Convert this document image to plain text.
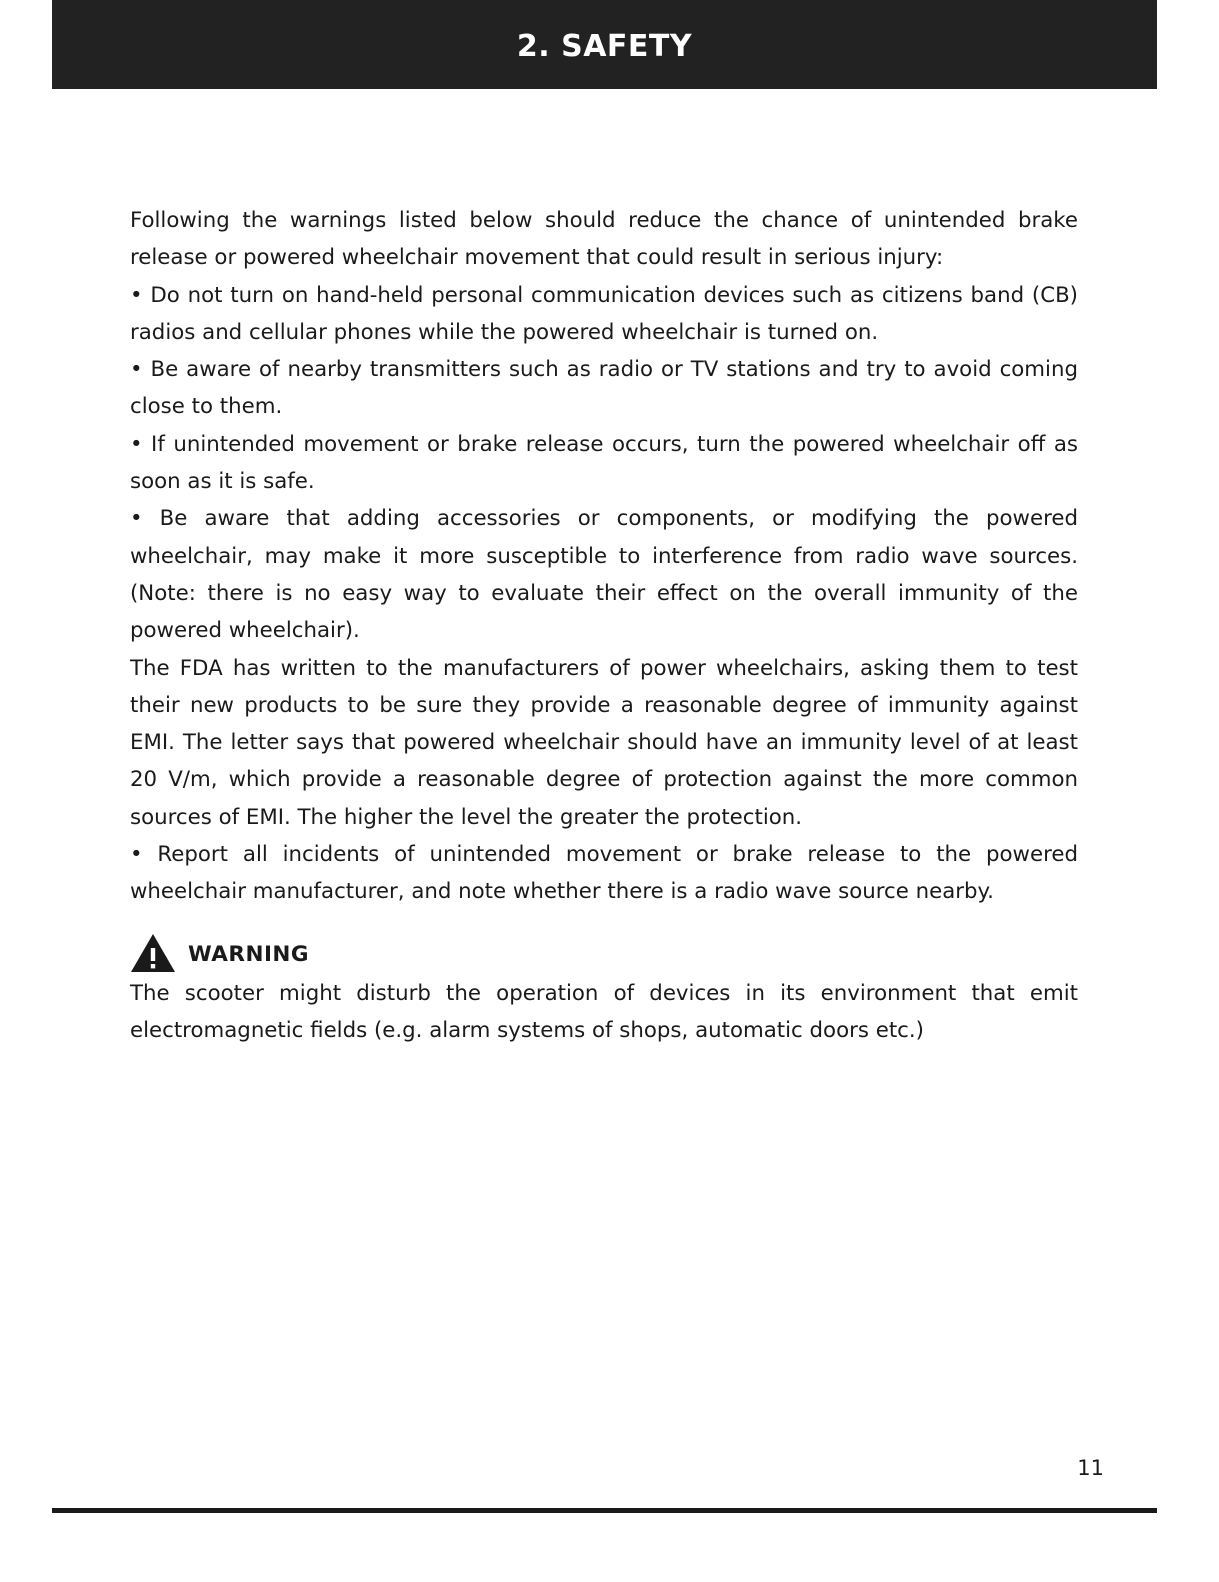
2. SAFETY

Following the warnings listed below should reduce the chance of unintended brake release or powered wheelchair movement that could result in serious injury:

• Do not turn on hand-held personal communication devices such as citizens band (CB) radios and cellular phones while the powered wheelchair is turned on.

• Be aware of nearby transmitters such as radio or TV stations and try to avoid coming close to them.

• If unintended movement or brake release occurs, turn the powered wheelchair off as soon as it is safe.

• Be aware that adding accessories or components, or modifying the powered wheelchair, may make it more susceptible to interference from radio wave sources. (Note: there is no easy way to evaluate their effect on the overall immunity of the powered wheelchair).

The FDA has written to the manufacturers of power wheelchairs, asking them to test their new products to be sure they provide a reasonable degree of immunity against EMI. The letter says that powered wheelchair should have an immunity level of at least 20 V/m, which provide a reasonable degree of protection against the more common sources of EMI. The higher the level the greater the protection.

• Report all incidents of unintended movement or brake release to the powered wheelchair manufacturer, and note whether there is a radio wave source nearby.

WARNING

The scooter might disturb the operation of devices in its environment that emit electromagnetic fields (e.g. alarm systems of shops, automatic doors etc.)

11
